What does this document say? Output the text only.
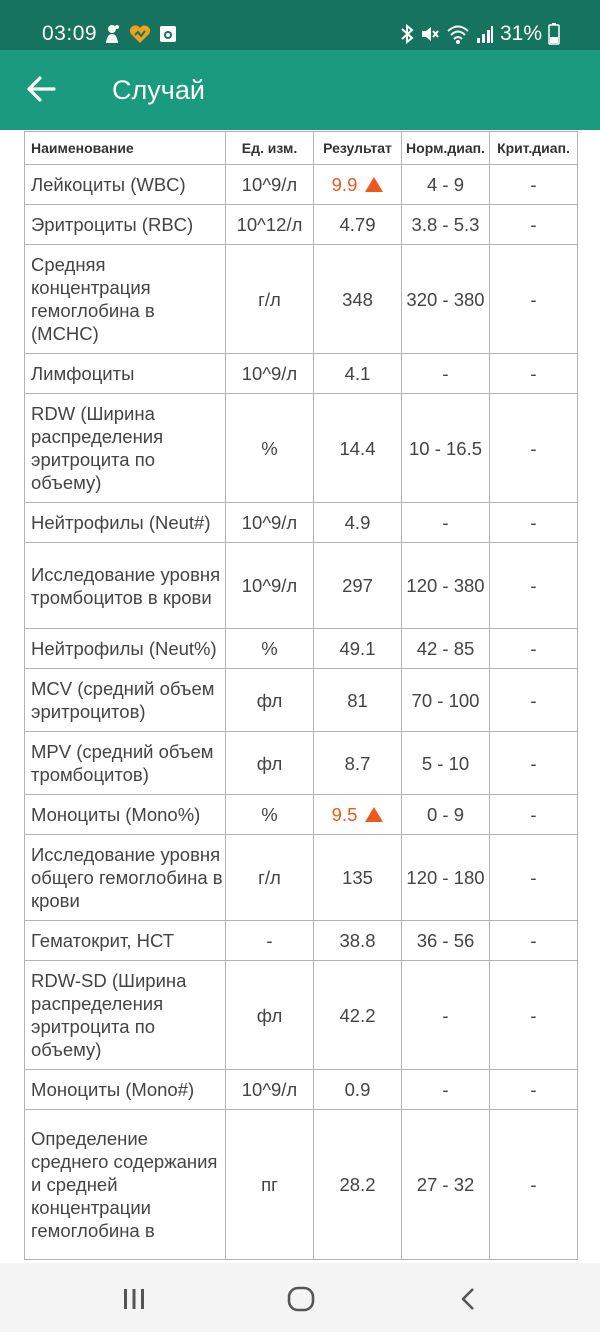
03:09	31%
Случай
Наименование	Ед. изм.	Результат	Норм.диап.	Крит.диап.
Лейкоциты (WBC)	10^9/л	9.9	4 - 9	-
Эритроциты (RBC)	10^12/л	4.79	3.8 - 5.3	-
Средняя концентрация гемоглобина в (MCHC)	г/л	348	320 - 380	-
Лимфоциты	10^9/л	4.1	-	-
RDW (Ширина распределения эритроцита по объему)	%	14.4	10 - 16.5	-
Нейтрофилы (Neut#)	10^9/л	4.9	-	-
Исследование уровня тромбоцитов в крови	10^9/л	297	120 - 380	-
Нейтрофилы (Neut%)	%	49.1	42 - 85	-
MCV (средний объем эритроцитов)	фл	81	70 - 100	-
MPV (средний объем тромбоцитов)	фл	8.7	5 - 10	-
Моноциты (Mono%)	%	9.5	0 - 9	-
Исследование уровня общего гемоглобина в крови	г/л	135	120 - 180	-
Гематокрит, НСТ	-	38.8	36 - 56	-
RDW-SD (Ширина распределения эритроцита по объему)	фл	42.2	-	-
Моноциты (Mono#)	10^9/л	0.9	-	-
Определение среднего содержания и средней концентрации гемоглобина в	пг	28.2	27 - 32	-
